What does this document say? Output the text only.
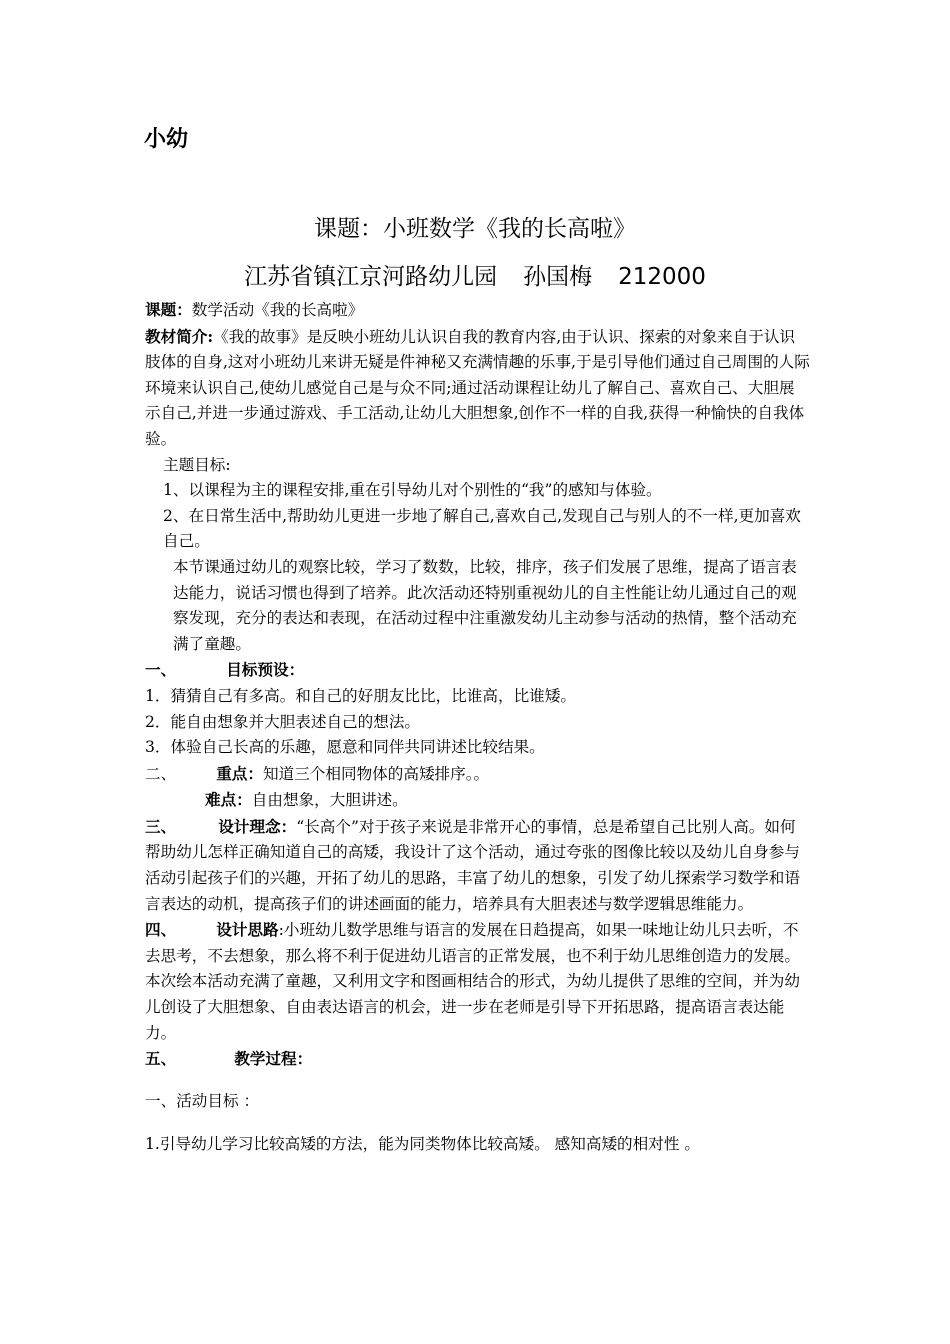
小幼
课题：小班数学《我的长高啦》
江苏省镇江京河路幼儿园 孙国梅 212000

课题：数学活动《我的长高啦》

教材简介:《我的故事》是反映小班幼儿认识自我的教育内容,由于认识、探索的对象来自于认识肢体的自身,这对小班幼儿来讲无疑是件神秘又充满情趣的乐事,于是引导他们通过自己周围的人际环境来认识自己,使幼儿感觉自己是与众不同;通过活动课程让幼儿了解自己、喜欢自己、大胆展示自己,并进一步通过游戏、手工活动,让幼儿大胆想象,创作不一样的自我,获得一种愉快的自我体验。

主题目标:

1、以课程为主的课程安排,重在引导幼儿对个别性的“我”的感知与体验。

2、在日常生活中,帮助幼儿更进一步地了解自己,喜欢自己,发现自己与别人的不一样,更加喜欢自己。

本节课通过幼儿的观察比较，学习了数数，比较，排序，孩子们发展了思维，提高了语言表达能力，说话习惯也得到了培养。此次活动还特别重视幼儿的自主性能让幼儿通过自己的观察发现，充分的表达和表现，在活动过程中注重激发幼儿主动参与活动的热情，整个活动充满了童趣。

一、	目标预设：

1．猜猜自己有多高。和自己的好朋友比比，比谁高，比谁矮。

2．能自由想象并大胆表述自己的想法。

3．体验自己长高的乐趣，愿意和同伴共同讲述比较结果。

二、	重点：知道三个相同物体的高矮排序。。

难点：自由想象，大胆讲述。

三、	设计理念：“长高个”对于孩子来说是非常开心的事情，总是希望自己比别人高。如何帮助幼儿怎样正确知道自己的高矮，我设计了这个活动，通过夸张的图像比较以及幼儿自身参与活动引起孩子们的兴趣，开拓了幼儿的思路，丰富了幼儿的想象，引发了幼儿探索学习数学和语言表达的动机，提高孩子们的讲述画面的能力，培养具有大胆表述与数学逻辑思维能力。

四、	设计思路:小班幼儿数学思维与语言的发展在日趋提高，如果一味地让幼儿只去听，不去思考，不去想象，那么将不利于促进幼儿语言的正常发展，也不利于幼儿思维创造力的发展。本次绘本活动充满了童趣，又利用文字和图画相结合的形式，为幼儿提供了思维的空间，并为幼儿创设了大胆想象、自由表达语言的机会，进一步在老师是引导下开拓思路，提高语言表达能力。

五、	教学过程：

一、活动目标 ：

1.引导幼儿学习比较高矮的方法，能为同类物体比较高矮。 感知高矮的相对性 。
